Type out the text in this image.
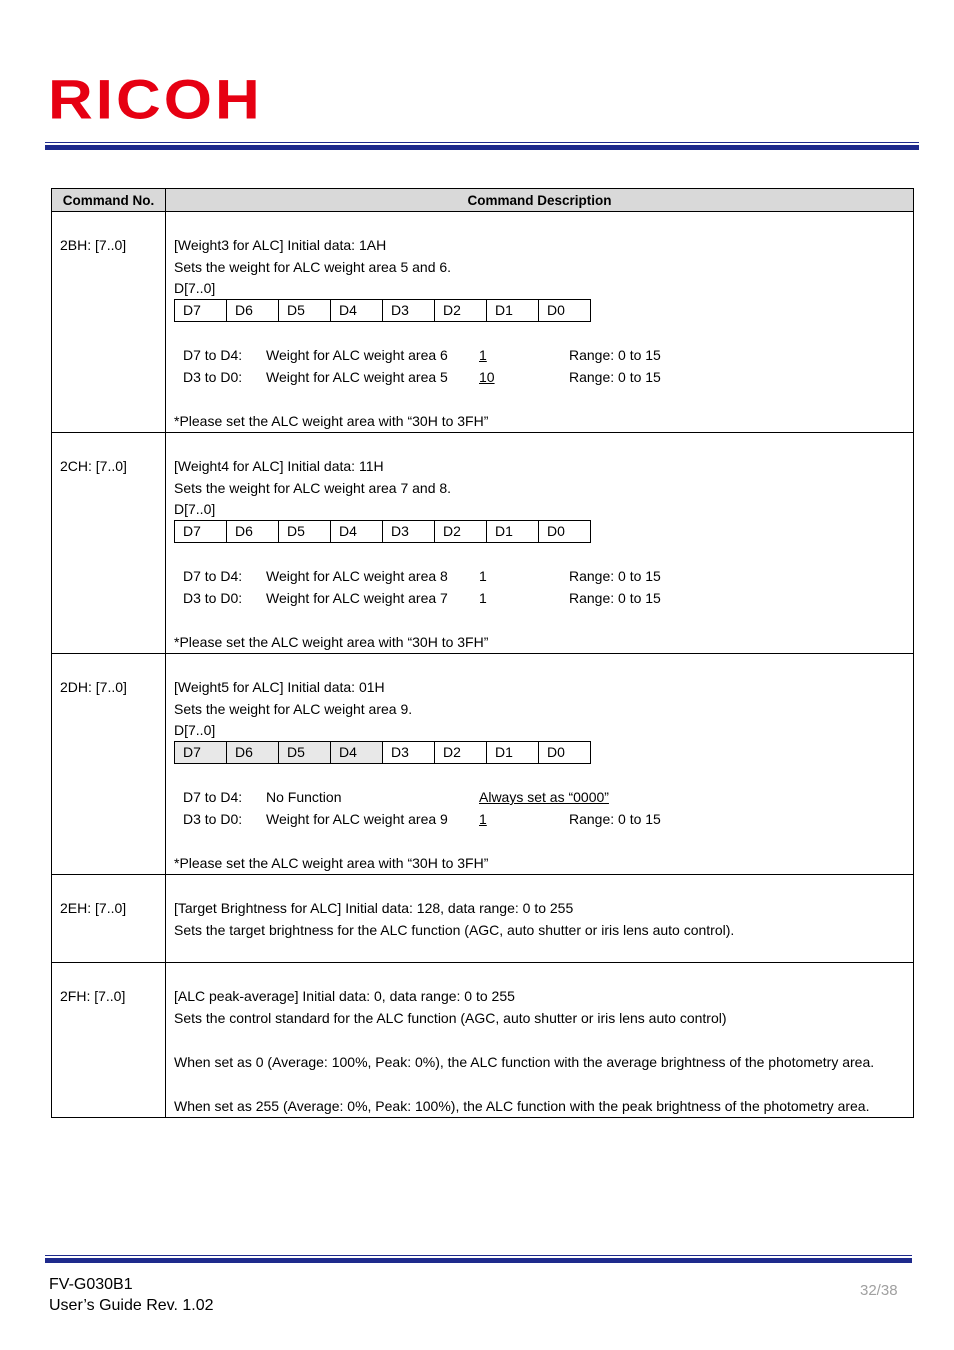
RICOH
Command No.	Command Description

2BH: [7..0]	[Weight3 for ALC] Initial data: 1AH
Sets the weight for ALC weight area 5 and 6.
D[7..0]
D7	D6	D5	D4	D3	D2	D1	D0
D7 to D4: Weight for ALC weight area 6 1	Range: 0 to 15
D3 to D0: Weight for ALC weight area 5 10	Range: 0 to 15
*Please set the ALC weight area with “30H to 3FH”

2CH: [7..0]	[Weight4 for ALC] Initial data: 11H
Sets the weight for ALC weight area 7 and 8.
D[7..0]
D7	D6	D5	D4	D3	D2	D1	D0
D7 to D4: Weight for ALC weight area 8 1	Range: 0 to 15
D3 to D0: Weight for ALC weight area 7 1	Range: 0 to 15
*Please set the ALC weight area with “30H to 3FH”

2DH: [7..0]	[Weight5 for ALC] Initial data: 01H
Sets the weight for ALC weight area 9.
D[7..0]
D7	D6	D5	D4	D3	D2	D1	D0
D7 to D4: No Function	Always set as “0000”
D3 to D0: Weight for ALC weight area 9 1	Range: 0 to 15
*Please set the ALC weight area with “30H to 3FH”

2EH: [7..0]	[Target Brightness for ALC] Initial data: 128, data range: 0 to 255
Sets the target brightness for the ALC function (AGC, auto shutter or iris lens auto control).

2FH: [7..0]	[ALC peak-average] Initial data: 0, data range: 0 to 255
Sets the control standard for the ALC function (AGC, auto shutter or iris lens auto control)
When set as 0 (Average: 100%, Peak: 0%), the ALC function with the average brightness of the photometry area.
When set as 255 (Average: 0%, Peak: 100%), the ALC function with the peak brightness of the photometry area.
FV-G030B1
User’s Guide Rev. 1.02
32/38
